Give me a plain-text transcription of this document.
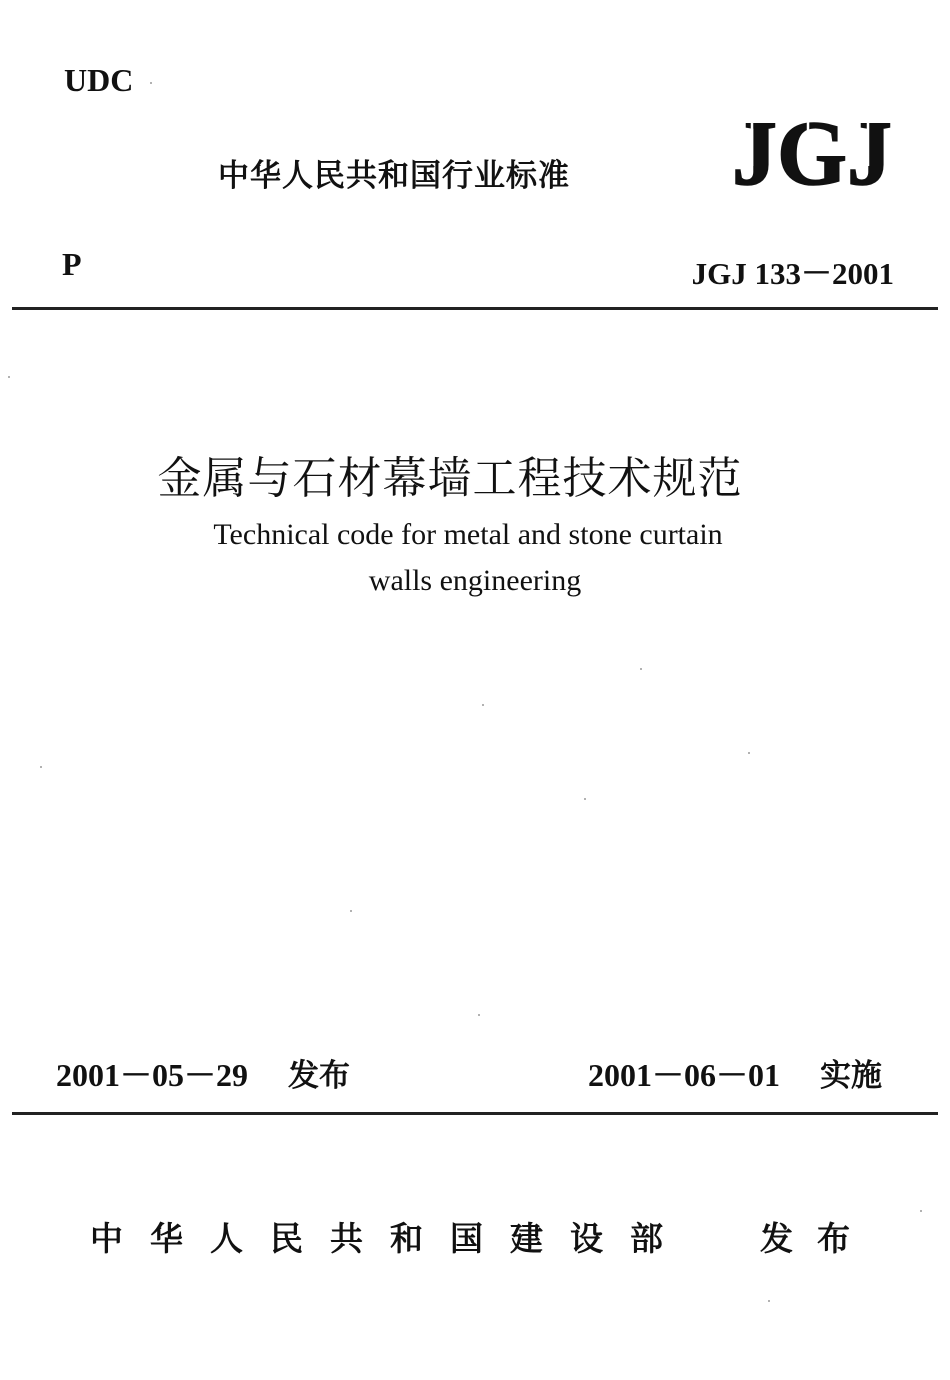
UDC
中华人民共和国行业标准 JGJ
P	JGJ 133－2001
金属与石材幕墙工程技术规范
Technical code for metal and stone curtain
walls engineering
2001－05－29 发布	2001－06－01 实施
中华人民共和国建设部 发布
